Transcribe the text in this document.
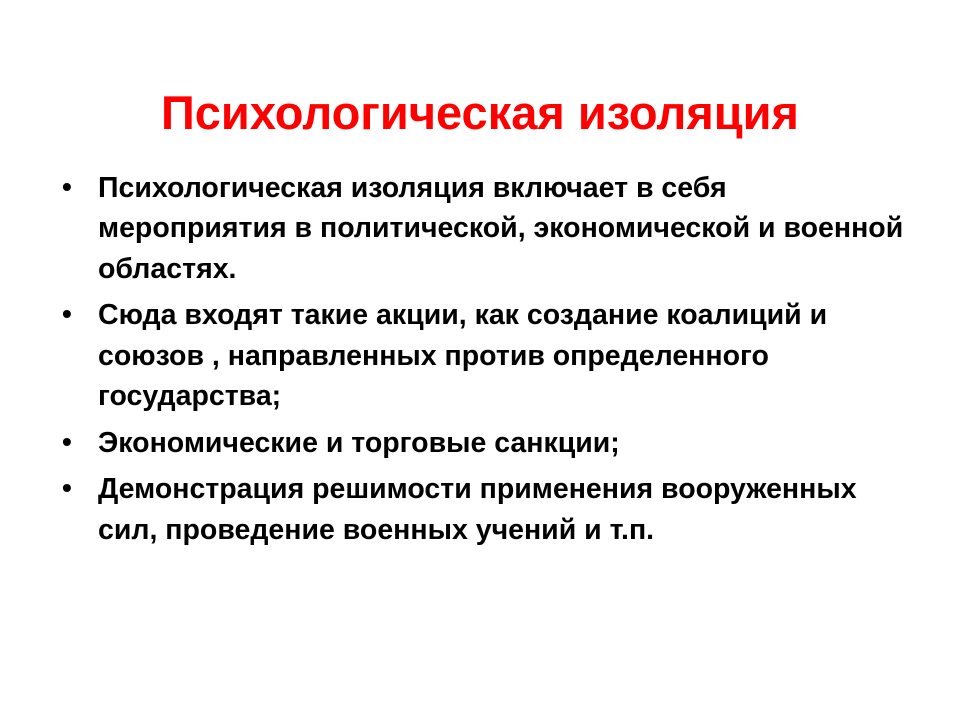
Психологическая изоляция
• Психологическая изоляция включает в себя мероприятия в политической, экономической и военной областях.
• Сюда входят такие акции, как создание коалиций и союзов , направленных против определенного государства;
• Экономические и торговые санкции;
• Демонстрация решимости применения вооруженных сил, проведение военных учений и т.п.
